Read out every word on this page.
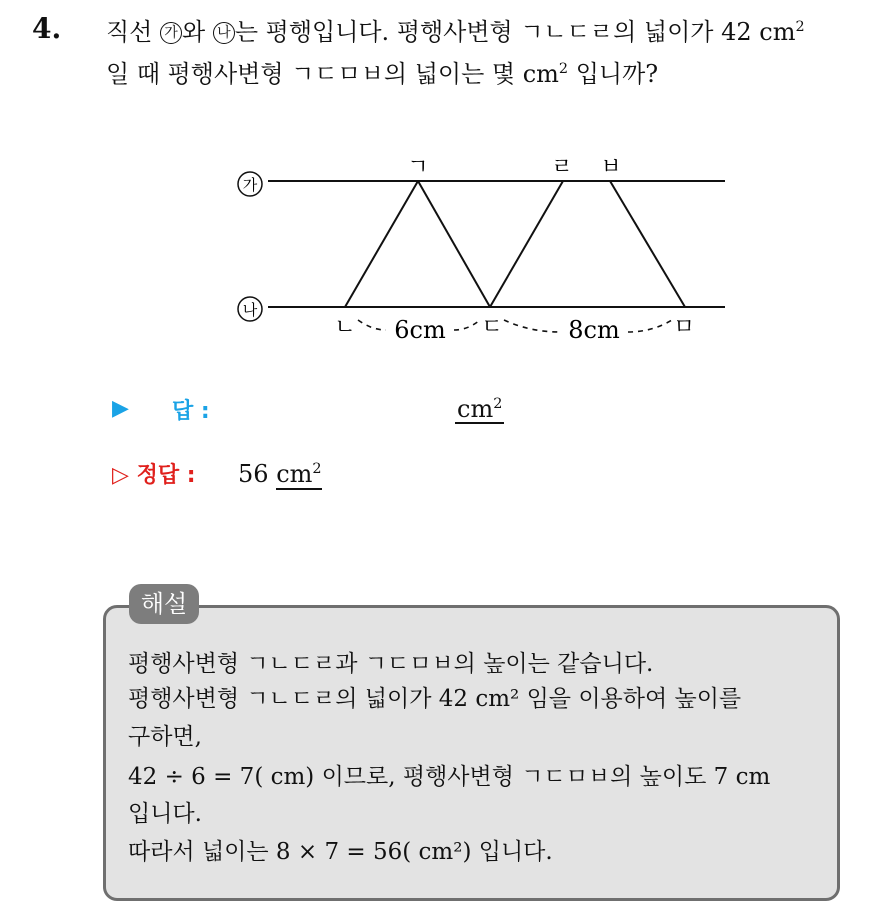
4. 직선 가 와 나 는 평행입니다. 평행사변형 ㄱㄴㄷㄹ의 넓이가 42 $cm^2$
일 때 평행사변형 ㄱㄷㅁㅂ의 넓이는 몇 $cm^2$ 입니까?
가
나
ㄱ	ㄹ ㅂ
ㄴ	ㄷ	ㅁ
6cm	8cm
▶ 답 :	$cm^2$
▷ 정답 : 56 $cm^2$
해설
평행사변형 ㄱㄴㄷㄹ과 ㄱㄷㅁㅂ의 높이는 같습니다.
평행사변형 ㄱㄴㄷㄹ의 넓이가 42 cm² 임을 이용하여 높이를
구하면,
42 ÷ 6 = 7( cm) 이므로, 평행사변형 ㄱㄷㅁㅂ의 높이도 7 cm
입니다.
따라서 넓이는 8 × 7 = 56( cm²) 입니다.
